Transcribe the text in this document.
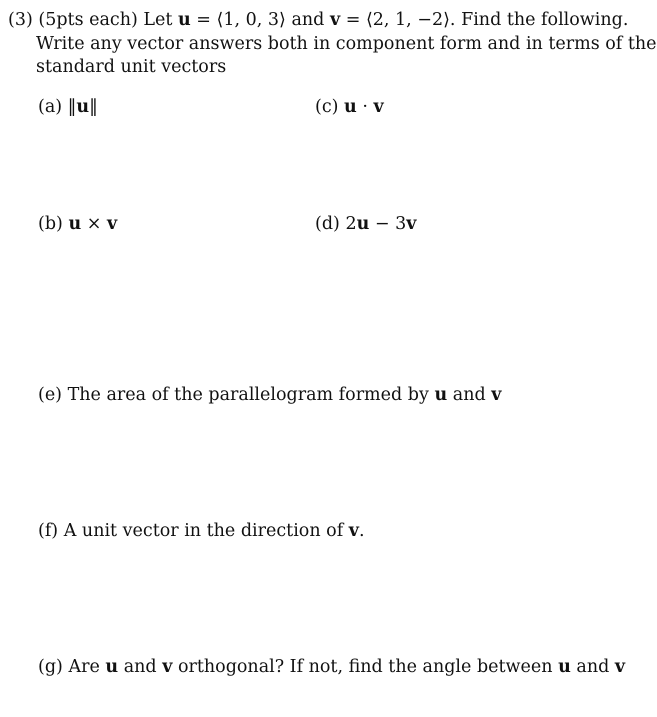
(3) (5pts each) Let u = ⟨1, 0, 3⟩ and v = ⟨2, 1, −2⟩. Find the following.

Write any vector answers both in component form and in terms of the

standard unit vectors

(a) ‖u‖	(c) u · v

(b) u × v	(d) 2u − 3v

(e) The area of the parallelogram formed by u and v

(f) A unit vector in the direction of v.

(g) Are u and v orthogonal? If not, find the angle between u and v
